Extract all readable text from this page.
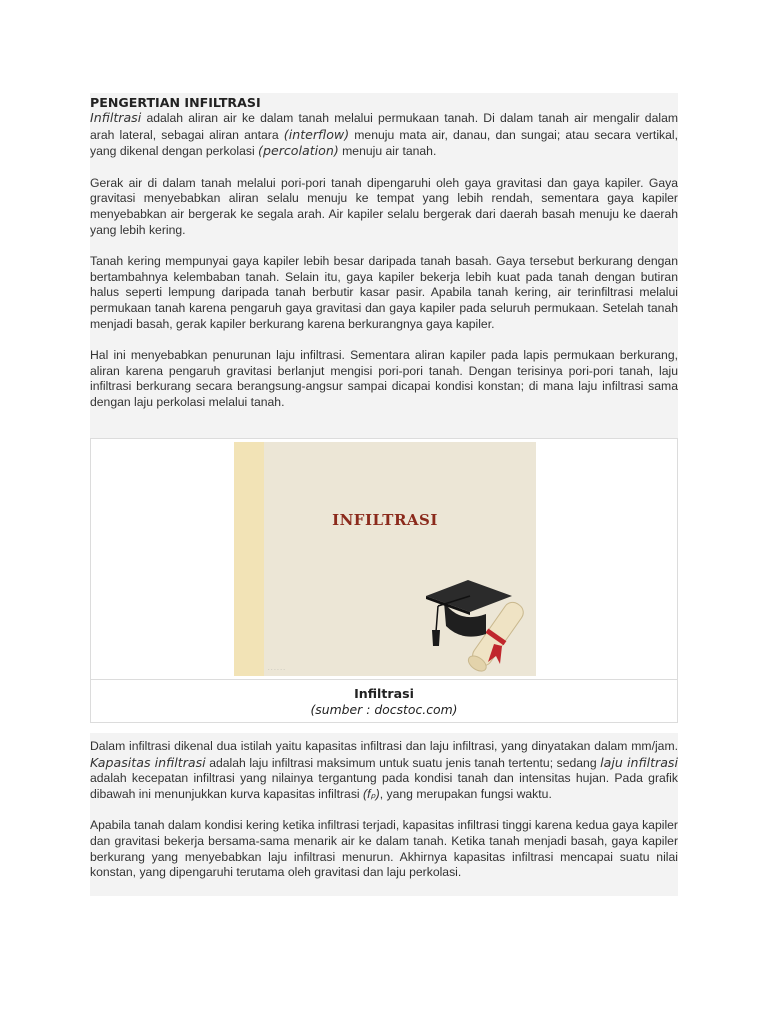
PENGERTIAN INFILTRASI

Infiltrasi adalah aliran air ke dalam tanah melalui permukaan tanah. Di dalam tanah air mengalir dalam arah lateral, sebagai aliran antara (interflow) menuju mata air, danau, dan sungai; atau secara vertikal, yang dikenal dengan perkolasi (percolation) menuju air tanah.

Gerak air di dalam tanah melalui pori-pori tanah dipengaruhi oleh gaya gravitasi dan gaya kapiler. Gaya gravitasi menyebabkan aliran selalu menuju ke tempat yang lebih rendah, sementara gaya kapiler menyebabkan air bergerak ke segala arah. Air kapiler selalu bergerak dari daerah basah menuju ke daerah yang lebih kering.

Tanah kering mempunyai gaya kapiler lebih besar daripada tanah basah. Gaya tersebut berkurang dengan bertambahnya kelembaban tanah. Selain itu, gaya kapiler bekerja lebih kuat pada tanah dengan butiran halus seperti lempung daripada tanah berbutir kasar pasir. Apabila tanah kering, air terinfiltrasi melalui permukaan tanah karena pengaruh gaya gravitasi dan gaya kapiler pada seluruh permukaan. Setelah tanah menjadi basah, gerak kapiler berkurang karena berkurangnya gaya kapiler.

Hal ini menyebabkan penurunan laju infiltrasi. Sementara aliran kapiler pada lapis permukaan berkurang, aliran karena pengaruh gravitasi berlanjut mengisi pori-pori tanah. Dengan terisinya pori-pori tanah, laju infiltrasi berkurang secara berangsung-angsur sampai dicapai kondisi konstan; di mana laju infiltrasi sama dengan laju perkolasi melalui tanah.

INFILTRASI
· · · · · ·
Infiltrasi
(sumber : docstoc.com)

Dalam infiltrasi dikenal dua istilah yaitu kapasitas infiltrasi dan laju infiltrasi, yang dinyatakan dalam mm/jam. Kapasitas infiltrasi adalah laju infiltrasi maksimum untuk suatu jenis tanah tertentu; sedang laju infiltrasi adalah kecepatan infiltrasi yang nilainya tergantung pada kondisi tanah dan intensitas hujan. Pada grafik dibawah ini menunjukkan kurva kapasitas infiltrasi (fₚ), yang merupakan fungsi waktu.

Apabila tanah dalam kondisi kering ketika infiltrasi terjadi, kapasitas infiltrasi tinggi karena kedua gaya kapiler dan gravitasi bekerja bersama-sama menarik air ke dalam tanah. Ketika tanah menjadi basah, gaya kapiler berkurang yang menyebabkan laju infiltrasi menurun. Akhirnya kapasitas infiltrasi mencapai suatu nilai konstan, yang dipengaruhi terutama oleh gravitasi dan laju perkolasi.
